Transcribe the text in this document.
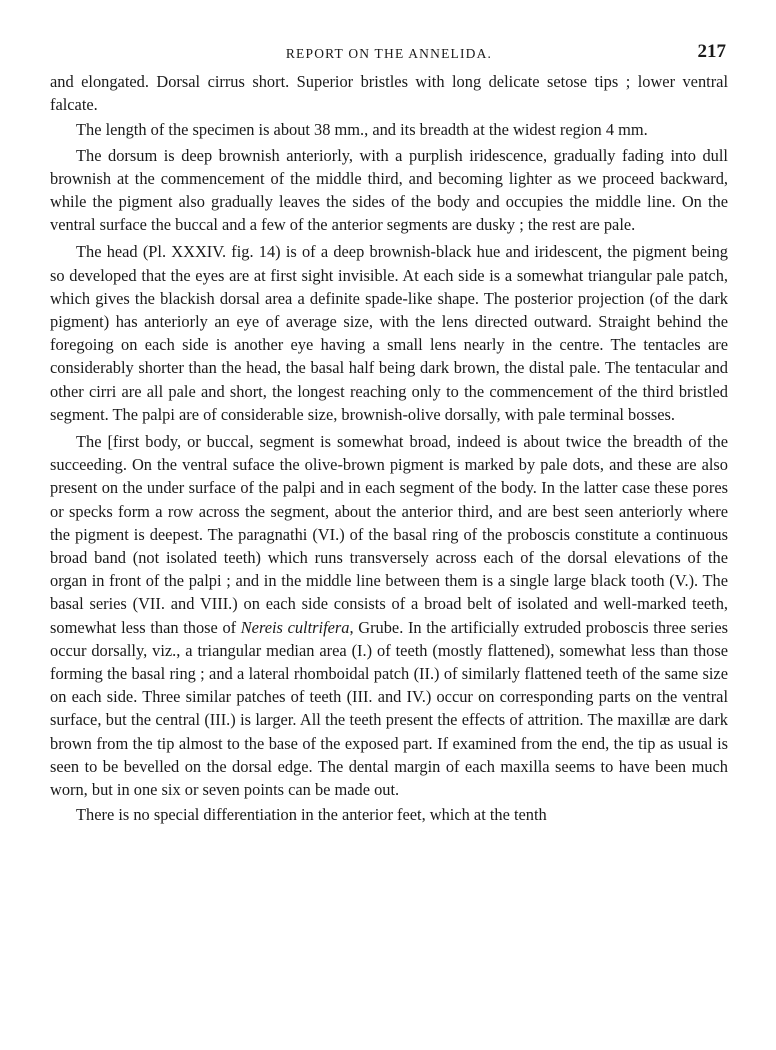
REPORT ON THE ANNELIDA.	217

and elongated. Dorsal cirrus short. Superior bristles with long delicate setose tips ; lower ventral falcate.

The length of the specimen is about 38 mm., and its breadth at the widest region 4 mm.

The dorsum is deep brownish anteriorly, with a purplish iridescence, gradually fading into dull brownish at the commencement of the middle third, and becoming lighter as we proceed backward, while the pigment also gradually leaves the sides of the body and occupies the middle line. On the ventral surface the buccal and a few of the anterior segments are dusky ; the rest are pale.

The head (Pl. XXXIV. fig. 14) is of a deep brownish-black hue and iridescent, the pigment being so developed that the eyes are at first sight invisible. At each side is a somewhat triangular pale patch, which gives the blackish dorsal area a definite spade-like shape. The posterior projection (of the dark pigment) has anteriorly an eye of average size, with the lens directed outward. Straight behind the foregoing on each side is another eye having a small lens nearly in the centre. The tentacles are considerably shorter than the head, the basal half being dark brown, the distal pale. The tentacular and other cirri are all pale and short, the longest reaching only to the commencement of the third bristled segment. The palpi are of considerable size, brownish-olive dorsally, with pale terminal bosses.

The [first body, or buccal, segment is somewhat broad, indeed is about twice the breadth of the succeeding. On the ventral suface the olive-brown pigment is marked by pale dots, and these are also present on the under surface of the palpi and in each segment of the body. In the latter case these pores or specks form a row across the segment, about the anterior third, and are best seen anteriorly where the pigment is deepest. The paragnathi (VI.) of the basal ring of the proboscis constitute a continuous broad band (not isolated teeth) which runs transversely across each of the dorsal elevations of the organ in front of the palpi ; and in the middle line between them is a single large black tooth (V.). The basal series (VII. and VIII.) on each side consists of a broad belt of isolated and well-marked teeth, somewhat less than those of Nereis cultrifera, Grube. In the artificially extruded proboscis three series occur dorsally, viz., a triangular median area (I.) of teeth (mostly flattened), somewhat less than those forming the basal ring ; and a lateral rhomboidal patch (II.) of similarly flattened teeth of the same size on each side. Three similar patches of teeth (III. and IV.) occur on corresponding parts on the ventral surface, but the central (III.) is larger. All the teeth present the effects of attrition. The maxillæ are dark brown from the tip almost to the base of the exposed part. If examined from the end, the tip as usual is seen to be bevelled on the dorsal edge. The dental margin of each maxilla seems to have been much worn, but in one six or seven points can be made out.

There is no special differentiation in the anterior feet, which at the tenth
